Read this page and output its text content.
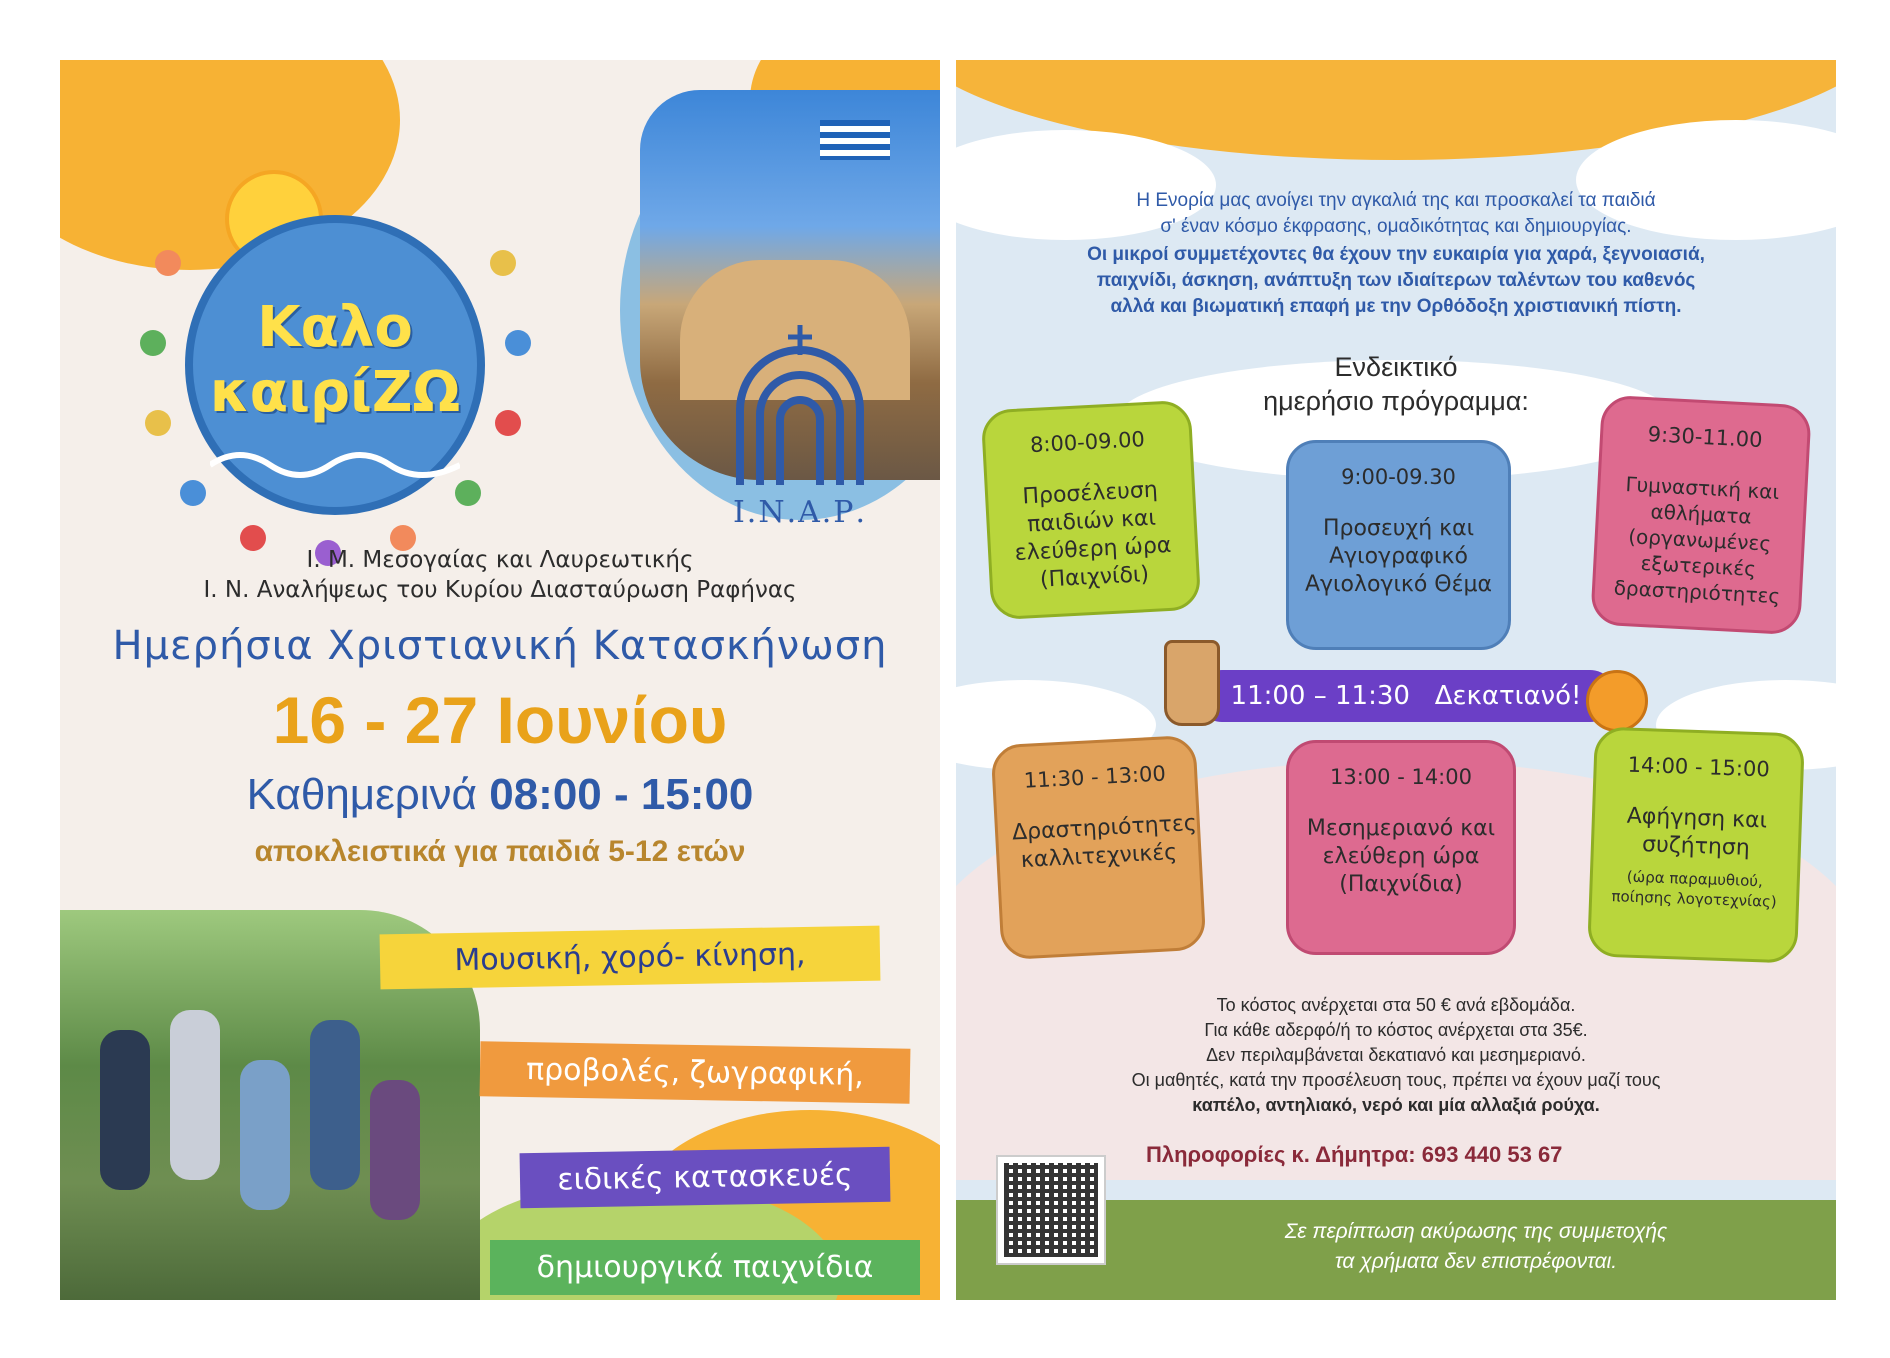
Καλο
καιρίΖΩ
Ι.Ν.Α.Ρ.
Ι. Μ. Μεσογαίας και Λαυρεωτικής
Ι. Ν. Αναλήψεως του Κυρίου Διασταύρωση Ραφήνας
Ημερήσια Χριστιανική Κατασκήνωση
16 - 27 Ιουνίου
Καθημερινά 08:00 - 15:00
αποκλειστικά για παιδιά 5-12 ετών
Μουσική, χορό- κίνηση,
προβολές, ζωγραφική,
ειδικές κατασκευές
δημιουργικά παιχνίδια
Η Ενορία μας ανοίγει την αγκαλιά της και προσκαλεί τα παιδιά
σ' έναν κόσμο έκφρασης, ομαδικότητας και δημιουργίας.
Οι μικροί συμμετέχοντες θα έχουν την ευκαιρία για χαρά, ξεγνοιασιά,
παιχνίδι, άσκηση, ανάπτυξη των ιδιαίτερων ταλέντων του καθενός
αλλά και βιωματική επαφή με την Ορθόδοξη χριστιανική πίστη.
Ενδεικτικό
ημερήσιο πρόγραμμα:
8:00-09.00
Προσέλευση παιδιών και ελεύθερη ώρα (Παιχνίδι)
9:00-09.30
Προσευχή και Αγιογραφικό Αγιολογικό Θέμα
9:30-11.00
Γυμναστική και αθλήματα (οργανωμένες εξωτερικές δραστηριότητες
11:00 – 11:30 Δεκατιανό!
11:30 - 13:00
Δραστηριότητες καλλιτεχνικές
13:00 - 14:00
Μεσημεριανό και ελεύθερη ώρα (Παιχνίδια)
14:00 - 15:00
Αφήγηση και συζήτηση
(ώρα παραμυθιού, ποίησης λογοτεχνίας)
Το κόστος ανέρχεται στα 50 € ανά εβδομάδα.
Για κάθε αδερφό/ή το κόστος ανέρχεται στα 35€.
Δεν περιλαμβάνεται δεκατιανό και μεσημεριανό.
Οι μαθητές, κατά την προσέλευση τους, πρέπει να έχουν μαζί τους
καπέλο, αντηλιακό, νερό και μία αλλαξιά ρούχα.
Πληροφορίες κ. Δήμητρα: 693 440 53 67
Σε περίπτωση ακύρωσης της συμμετοχής
τα χρήματα δεν επιστρέφονται.
